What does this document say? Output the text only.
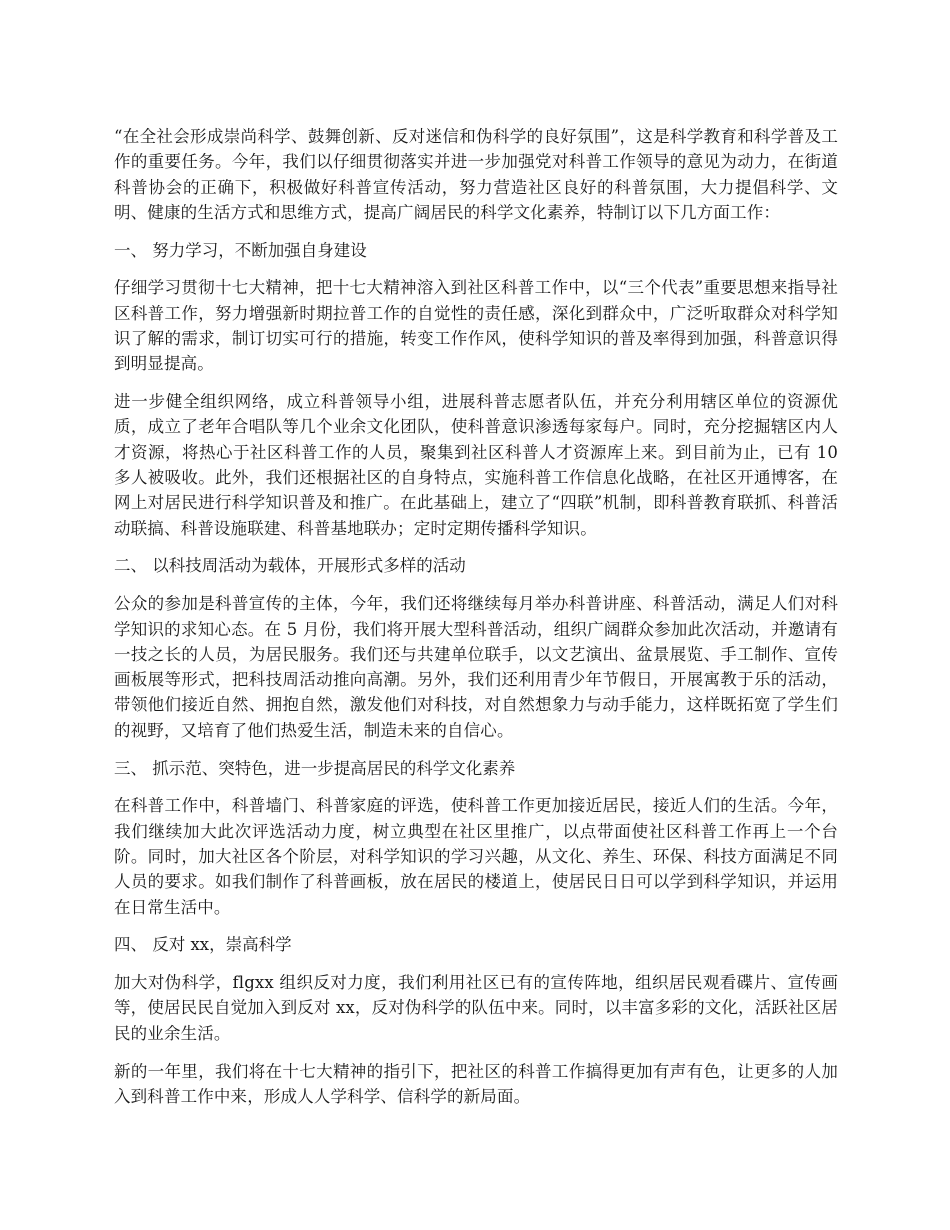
“在全社会形成崇尚科学、鼓舞创新、反对迷信和伪科学的良好氛围”，这是科学教育和科学普及工作的重要任务。今年，我们以仔细贯彻落实并进一步加强党对科普工作领导的意见为动力，在街道科普协会的正确下，积极做好科普宣传活动，努力营造社区良好的科普氛围，大力提倡科学、文明、健康的生活方式和思维方式，提高广阔居民的科学文化素养，特制订以下几方面工作：

一、 努力学习，不断加强自身建设

仔细学习贯彻十七大精神，把十七大精神溶入到社区科普工作中，以“三个代表”重要思想来指导社区科普工作，努力增强新时期拉普工作的自觉性的责任感，深化到群众中，广泛听取群众对科学知识了解的需求，制订切实可行的措施，转变工作作风，使科学知识的普及率得到加强，科普意识得到明显提高。

进一步健全组织网络，成立科普领导小组，进展科普志愿者队伍，并充分利用辖区单位的资源优质，成立了老年合唱队等几个业余文化团队，使科普意识渗透每家每户。同时，充分挖掘辖区内人才资源，将热心于社区科普工作的人员，聚集到社区科普人才资源库上来。到目前为止，已有 10 多人被吸收。此外，我们还根据社区的自身特点，实施科普工作信息化战略，在社区开通博客，在网上对居民进行科学知识普及和推广。在此基础上，建立了“四联”机制，即科普教育联抓、科普活动联搞、科普设施联建、科普基地联办；定时定期传播科学知识。

二、 以科技周活动为载体，开展形式多样的活动

公众的参加是科普宣传的主体，今年，我们还将继续每月举办科普讲座、科普活动，满足人们对科学知识的求知心态。在 5 月份，我们将开展大型科普活动，组织广阔群众参加此次活动，并邀请有一技之长的人员，为居民服务。我们还与共建单位联手，以文艺演出、盆景展览、手工制作、宣传画板展等形式，把科技周活动推向高潮。另外，我们还利用青少年节假日，开展寓教于乐的活动，带领他们接近自然、拥抱自然，激发他们对科技，对自然想象力与动手能力，这样既拓宽了学生们的视野，又培育了他们热爱生活，制造未来的自信心。

三、 抓示范、突特色，进一步提高居民的科学文化素养

在科普工作中，科普墙门、科普家庭的评选，使科普工作更加接近居民，接近人们的生活。今年，我们继续加大此次评选活动力度，树立典型在社区里推广，以点带面使社区科普工作再上一个台阶。同时，加大社区各个阶层，对科学知识的学习兴趣，从文化、养生、环保、科技方面满足不同人员的要求。如我们制作了科普画板，放在居民的楼道上，使居民日日可以学到科学知识，并运用在日常生活中。

四、 反对 xx，崇高科学

加大对伪科学，flgxx 组织反对力度，我们利用社区已有的宣传阵地，组织居民观看碟片、宣传画等，使居民民自觉加入到反对 xx，反对伪科学的队伍中来。同时，以丰富多彩的文化，活跃社区居民的业余生活。

新的一年里，我们将在十七大精神的指引下，把社区的科普工作搞得更加有声有色，让更多的人加入到科普工作中来，形成人人学科学、信科学的新局面。
